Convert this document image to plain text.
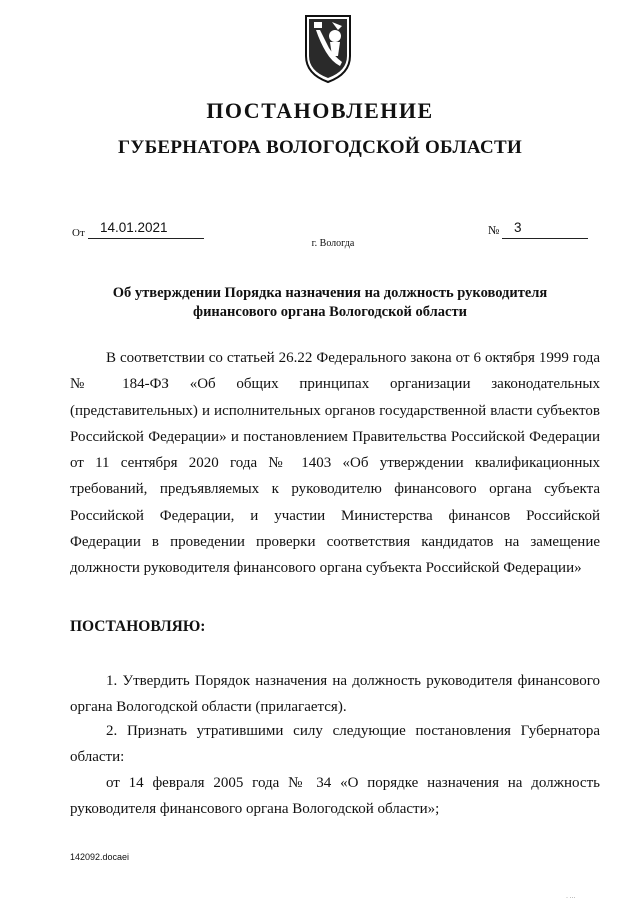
ПОСТАНОВЛЕНИЕ
ГУБЕРНАТОРА ВОЛОГОДСКОЙ ОБЛАСТИ
От	14.01.2021	№	3
г. Вологда
Об утверждении Порядка назначения на должность руководителя финансового органа Вологодской области
В соответствии со статьей 26.22 Федерального закона от 6 октября 1999 года № 184-ФЗ «Об общих принципах организации законодательных (представительных) и исполнительных органов государственной власти субъектов Российской Федерации» и постановлением Правительства Российской Федерации от 11 сентября 2020 года № 1403 «Об утверждении квалификационных требований, предъявляемых к руководителю финансового органа субъекта Российской Федерации, и участии Министерства финансов Российской Федерации в проведении проверки соответствия кандидатов на замещение должности руководителя финансового органа субъекта Российской Федерации»
ПОСТАНОВЛЯЮ:
1. Утвердить Порядок назначения на должность руководителя финансового органа Вологодской области (прилагается).
2. Признать утратившими силу следующие постановления Губернатора области:
от 14 февраля 2005 года № 34 «О порядке назначения на должность руководителя финансового органа Вологодской области»;
142092.docaei
· ···
